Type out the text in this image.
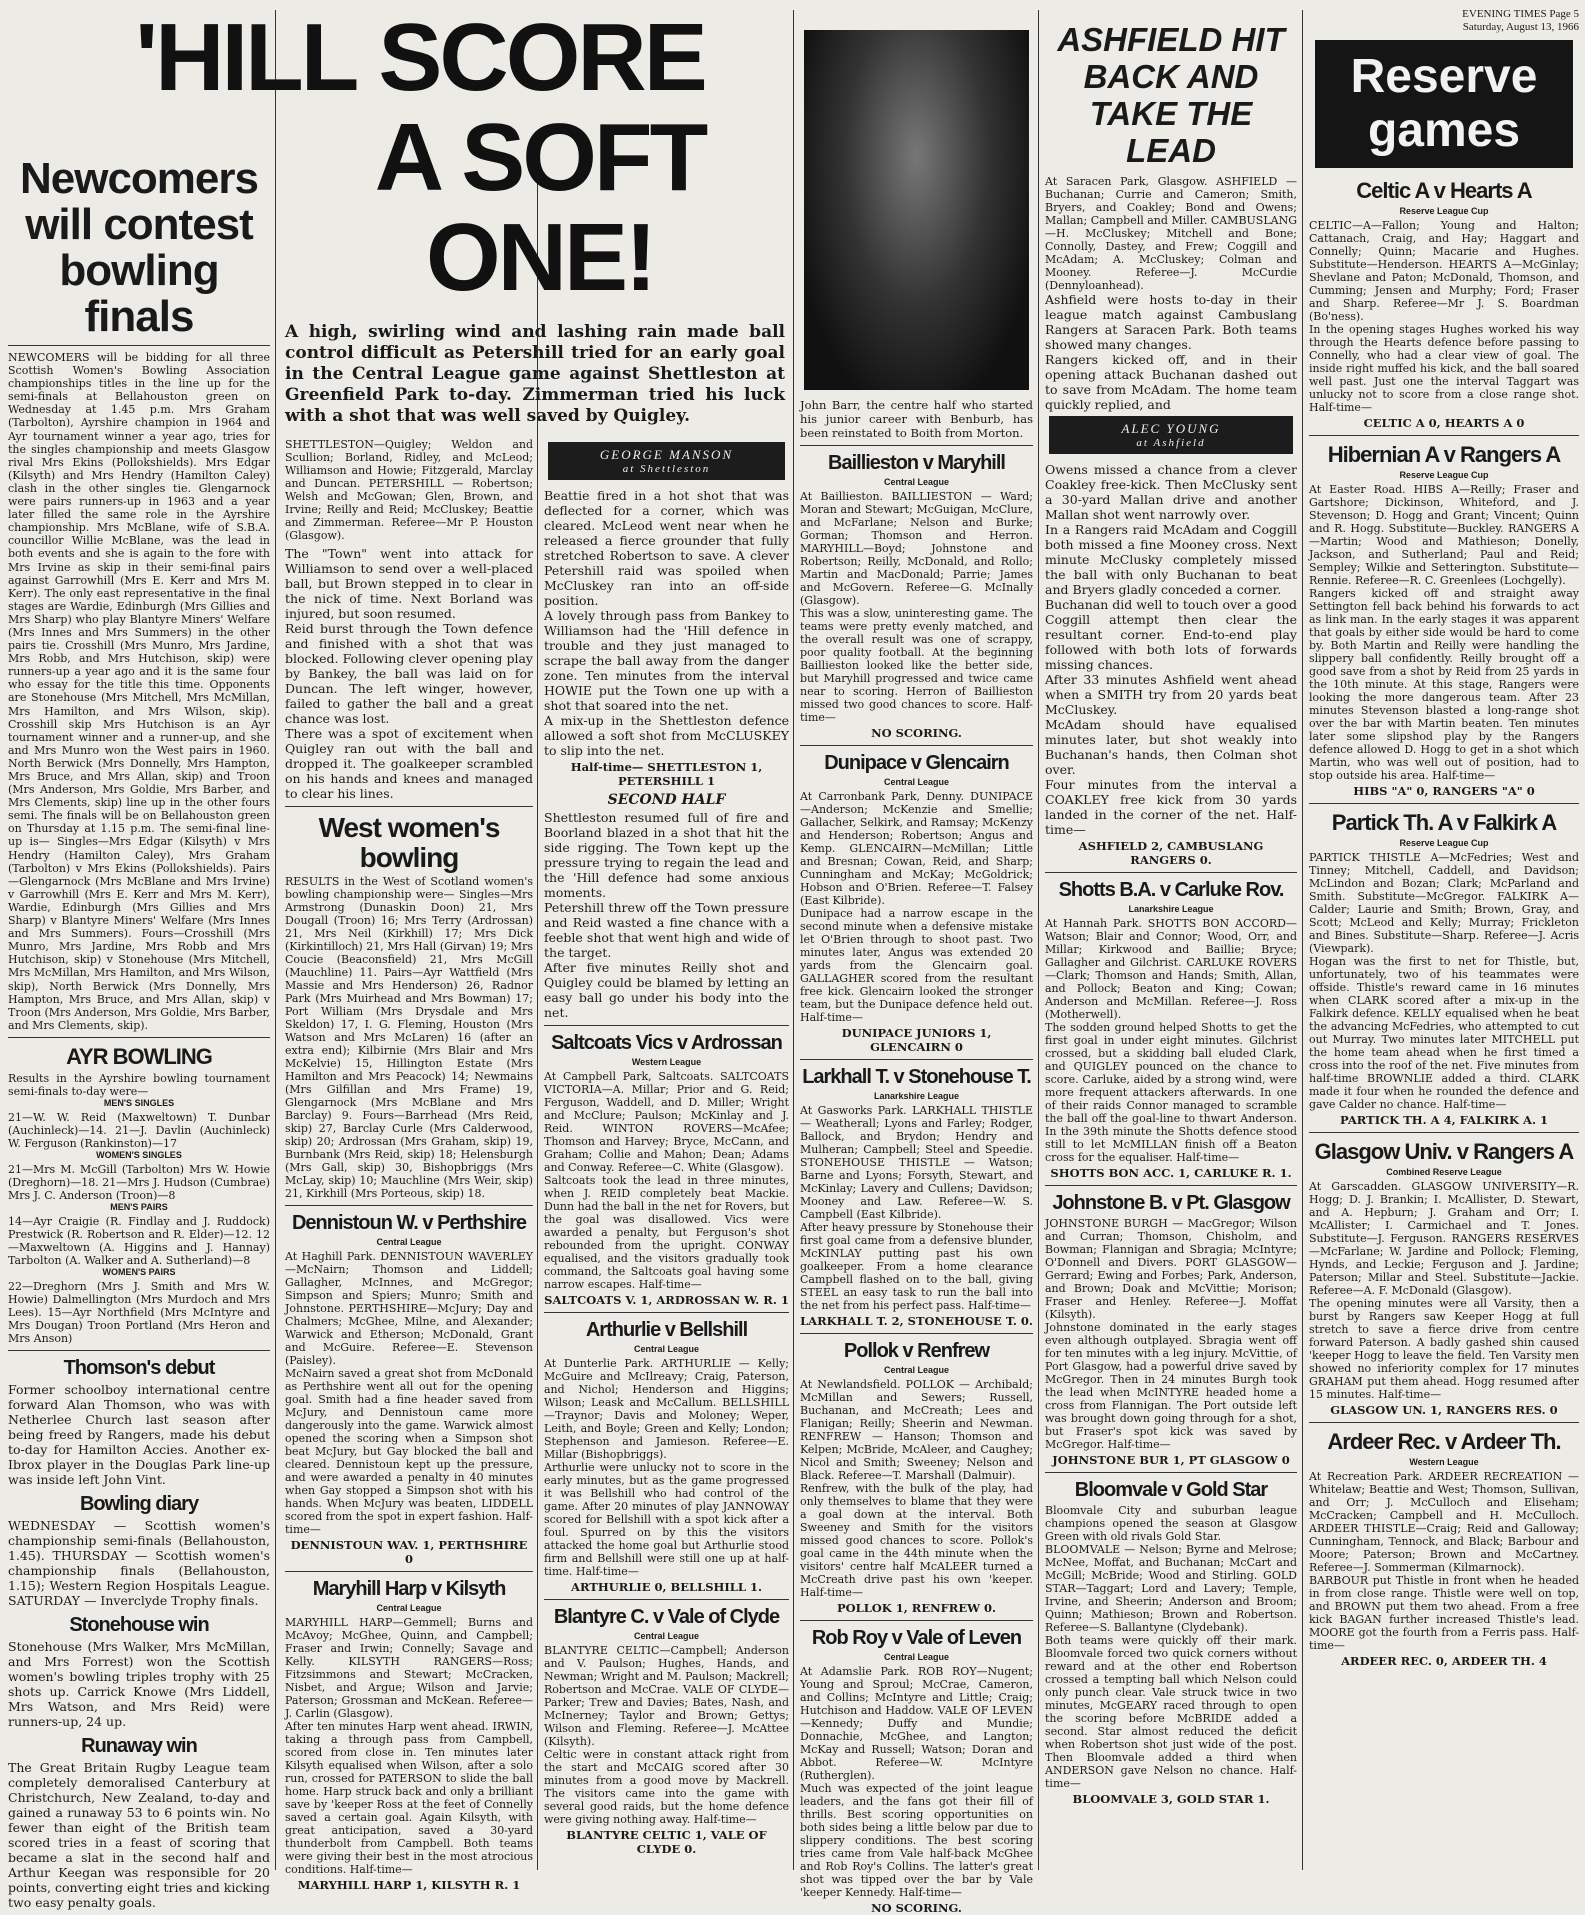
'HILL SCORE
A SOFT
ONE!
Newcomers will contest bowling finals
NEWCOMERS will be bidding for all three Scottish Women's Bowling Association championships titles in the line up for the semi-finals at Bellahouston green on Wednesday at 1.45 p.m. Mrs Graham (Tarbolton), Ayrshire champion in 1964 and Ayr tournament winner a year ago, tries for the singles championship and meets Glasgow rival Mrs Ekins (Pollokshields). Mrs Edgar (Kilsyth) and Mrs Hendry (Hamilton Caley) clash in the other singles tie. Glengarnock were pairs runners-up in 1963 and a year later filled the same role in the Ayrshire championship. Mrs McBlane, wife of S.B.A. councillor Willie McBlane, was the lead in both events and she is again to the fore with Mrs Irvine as skip in their semi-final pairs against Garrowhill (Mrs E. Kerr and Mrs M. Kerr). The only east representative in the final stages are Wardie, Edinburgh (Mrs Gillies and Mrs Sharp) who play Blantyre Miners' Welfare (Mrs Innes and Mrs Summers) in the other pairs tie. Crosshill (Mrs Munro, Mrs Jardine, Mrs Robb, and Mrs Hutchison, skip) were runners-up a year ago and it is the same four who essay for the title this time. Opponents are Stonehouse (Mrs Mitchell, Mrs McMillan, Mrs Hamilton, and Mrs Wilson, skip). Crosshill skip Mrs Hutchison is an Ayr tournament winner and a runner-up, and she and Mrs Munro won the West pairs in 1960. North Berwick (Mrs Donnelly, Mrs Hampton, Mrs Bruce, and Mrs Allan, skip) and Troon (Mrs Anderson, Mrs Goldie, Mrs Barber, and Mrs Clements, skip) line up in the other fours semi. The finals will be on Bellahouston green on Thursday at 1.15 p.m. The semi-final line-up is— Singles—Mrs Edgar (Kilsyth) v Mrs Hendry (Hamilton Caley), Mrs Graham (Tarbolton) v Mrs Ekins (Pollokshields). Pairs—Glengarnock (Mrs McBlane and Mrs Irvine) v Garrowhill (Mrs E. Kerr and Mrs M. Kerr), Wardie, Edinburgh (Mrs Gillies and Mrs Sharp) v Blantyre Miners' Welfare (Mrs Innes and Mrs Summers). Fours—Crosshill (Mrs Munro, Mrs Jardine, Mrs Robb and Mrs Hutchison, skip) v Stonehouse (Mrs Mitchell, Mrs McMillan, Mrs Hamilton, and Mrs Wilson, skip), North Berwick (Mrs Donnelly, Mrs Hampton, Mrs Bruce, and Mrs Allan, skip) v Troon (Mrs Anderson, Mrs Goldie, Mrs Barber, and Mrs Clements, skip).
AYR BOWLING
Results in the Ayrshire bowling tournament semi-finals to-day were—
MEN'S SINGLES
21—W. W. Reid (Maxweltown) T. Dunbar (Auchinleck)—14. 21—J. Davlin (Auchinleck) W. Ferguson (Rankinston)—17
WOMEN'S SINGLES
21—Mrs M. McGill (Tarbolton) Mrs W. Howie (Dreghorn)—18. 21—Mrs J. Hudson (Cumbrae) Mrs J. C. Anderson (Troon)—8
MEN'S PAIRS
14—Ayr Craigie (R. Findlay and J. Ruddock) Prestwick (R. Robertson and R. Elder)—12. 12—Maxweltown (A. Higgins and J. Hannay) Tarbolton (A. Walker and A. Sutherland)—8
WOMEN'S PAIRS
22—Dreghorn (Mrs J. Smith and Mrs W. Howie) Dalmellington (Mrs Murdoch and Mrs Lees). 15—Ayr Northfield (Mrs McIntyre and Mrs Dougan) Troon Portland (Mrs Heron and Mrs Anson)
Thomson's debut
Former schoolboy international centre forward Alan Thomson, who was with Netherlee Church last season after being freed by Rangers, made his debut to-day for Hamilton Accies. Another ex-Ibrox player in the Douglas Park line-up was inside left John Vint.
Bowling diary
WEDNESDAY — Scottish women's championship semi-finals (Bellahouston, 1.45). THURSDAY — Scottish women's championship finals (Bellahouston, 1.15); Western Region Hospitals League. SATURDAY — Inverclyde Trophy finals.
Stonehouse win
Stonehouse (Mrs Walker, Mrs McMillan, and Mrs Forrest) won the Scottish women's bowling triples trophy with 25 shots up. Carrick Knowe (Mrs Liddell, Mrs Watson, and Mrs Reid) were runners-up, 24 up.
Runaway win
The Great Britain Rugby League team completely demoralised Canterbury at Christchurch, New Zealand, to-day and gained a runaway 53 to 6 points win. No fewer than eight of the British team scored tries in a feast of scoring that became a slat in the second half and Arthur Keegan was responsible for 20 points, converting eight tries and kicking two easy penalty goals.
A high, swirling wind and lashing rain made ball control difficult as Petershill tried for an early goal in the Central League game against Shettleston at Greenfield Park to-day. Zimmerman tried his luck with a shot that was well saved by Quigley.
SHETTLESTON—Quigley; Weldon and Scullion; Borland, Ridley, and McLeod; Williamson and Howie; Fitzgerald, Marclay and Duncan. PETERSHILL — Robertson; Welsh and McGowan; Glen, Brown, and Irvine; Reilly and Reid; McCluskey; Beattie and Zimmerman. Referee—Mr P. Houston (Glasgow).
The "Town" went into attack for Williamson to send over a well-placed ball, but Brown stepped in to clear in the nick of time. Next Borland was injured, but soon resumed.
Reid burst through the Town defence and finished with a shot that was blocked. Following clever opening play by Bankey, the ball was laid on for Duncan. The left winger, however, failed to gather the ball and a great chance was lost.
There was a spot of excitement when Quigley ran out with the ball and dropped it. The goalkeeper scrambled on his hands and knees and managed to clear his lines.
West women's bowling
RESULTS in the West of Scotland women's bowling championship were— Singles—Mrs Armstrong (Dunaskin Doon) 21, Mrs Dougall (Troon) 16; Mrs Terry (Ardrossan) 21, Mrs Neil (Kirkhill) 17; Mrs Dick (Kirkintilloch) 21, Mrs Hall (Girvan) 19; Mrs Coucie (Beaconsfield) 21, Mrs McGill (Mauchline) 11. Pairs—Ayr Wattfield (Mrs Massie and Mrs Henderson) 26, Radnor Park (Mrs Muirhead and Mrs Bowman) 17; Port William (Mrs Drysdale and Mrs Skeldon) 17, I. G. Fleming, Houston (Mrs Watson and Mrs McLaren) 16 (after an extra end); Kilbirnie (Mrs Blair and Mrs McKelvie) 15, Hillington Estate (Mrs Hamilton and Mrs Peacock) 14; Newmains (Mrs Gilfillan and Mrs Frame) 19, Glengarnock (Mrs McBlane and Mrs Barclay) 9. Fours—Barrhead (Mrs Reid, skip) 27, Barclay Curle (Mrs Calderwood, skip) 20; Ardrossan (Mrs Graham, skip) 19, Burnbank (Mrs Reid, skip) 18; Helensburgh (Mrs Gall, skip) 30, Bishopbriggs (Mrs McLay, skip) 10; Mauchline (Mrs Weir, skip) 21, Kirkhill (Mrs Porteous, skip) 18.
Dennistoun W. v Perthshire
Central League
At Haghill Park. DENNISTOUN WAVERLEY—McNairn; Thomson and Liddell; Gallagher, McInnes, and McGregor; Simpson and Spiers; Munro; Smith and Johnstone. PERTHSHIRE—McJury; Day and Chalmers; McGhee, Milne, and Alexander; Warwick and Etherson; McDonald, Grant and McGuire. Referee—E. Stevenson (Paisley).
McNairn saved a great shot from McDonald as Perthshire went all out for the opening goal. Smith had a fine header saved from McJury, and Dennistoun came more dangerously into the game. Warwick almost opened the scoring when a Simpson shot beat McJury, but Gay blocked the ball and cleared. Dennistoun kept up the pressure, and were awarded a penalty in 40 minutes when Gay stopped a Simpson shot with his hands. When McJury was beaten, LIDDELL scored from the spot in expert fashion. Half-time—
DENNISTOUN WAV. 1, PERTHSHIRE 0
Maryhill Harp v Kilsyth
Central League
MARYHILL HARP—Gemmell; Burns and McAvoy; McGhee, Quinn, and Campbell; Fraser and Irwin; Connelly; Savage and Kelly. KILSYTH RANGERS—Ross; Fitzsimmons and Stewart; McCracken, Nisbet, and Argue; Wilson and Jarvie; Paterson; Grossman and McKean. Referee—J. Carlin (Glasgow).
After ten minutes Harp went ahead. IRWIN, taking a through pass from Campbell, scored from close in. Ten minutes later Kilsyth equalised when Wilson, after a solo run, crossed for PATERSON to slide the ball home. Harp struck back and only a brilliant save by 'keeper Ross at the feet of Connelly saved a certain goal. Again Kilsyth, with great anticipation, saved a 30-yard thunderbolt from Campbell. Both teams were giving their best in the most atrocious conditions. Half-time—
MARYHILL HARP 1, KILSYTH R. 1
GEORGE MANSON
at Shettleston
Beattie fired in a hot shot that was deflected for a corner, which was cleared. McLeod went near when he released a fierce grounder that fully stretched Robertson to save. A clever Petershill raid was spoiled when McCluskey ran into an off-side position.
A lovely through pass from Bankey to Williamson had the 'Hill defence in trouble and they just managed to scrape the ball away from the danger zone. Ten minutes from the interval HOWIE put the Town one up with a shot that soared into the net.
A mix-up in the Shettleston defence allowed a soft shot from McCLUSKEY to slip into the net.
Half-time— SHETTLESTON 1, PETERSHILL 1
SECOND HALF
Shettleston resumed full of fire and Boorland blazed in a shot that hit the side rigging. The Town kept up the pressure trying to regain the lead and the 'Hill defence had some anxious moments.
Petershill threw off the Town pressure and Reid wasted a fine chance with a feeble shot that went high and wide of the target.
After five minutes Reilly shot and Quigley could be blamed by letting an easy ball go under his body into the net.
Saltcoats Vics v Ardrossan
Western League
At Campbell Park, Saltcoats. SALTCOATS VICTORIA—A. Millar; Prior and G. Reid; Ferguson, Waddell, and D. Miller; Wright and McClure; Paulson; McKinlay and J. Reid. WINTON ROVERS—McAfee; Thomson and Harvey; Bryce, McCann, and Graham; Collie and Mahon; Dean; Adams and Conway. Referee—C. White (Glasgow).
Saltcoats took the lead in three minutes, when J. REID completely beat Mackie. Dunn had the ball in the net for Rovers, but the goal was disallowed. Vics were awarded a penalty, but Ferguson's shot rebounded from the upright. CONWAY equalised, and the visitors gradually took command, the Saltcoats goal having some narrow escapes. Half-time—
SALTCOATS V. 1, ARDROSSAN W. R. 1
Arthurlie v Bellshill
Central League
At Dunterlie Park. ARTHURLIE — Kelly; McGuire and McIlreavy; Craig, Paterson, and Nichol; Henderson and Higgins; Wilson; Leask and McCallum. BELLSHILL—Traynor; Davis and Moloney; Weper, Leith, and Boyle; Green and Kelly; London; Stephenson and Jamieson. Referee—E. Millar (Bishopbriggs).
Arthurlie were unlucky not to score in the early minutes, but as the game progressed it was Bellshill who had control of the game. After 20 minutes of play JANNOWAY scored for Bellshill with a spot kick after a foul. Spurred on by this the visitors attacked the home goal but Arthurlie stood firm and Bellshill were still one up at half-time. Half-time—
ARTHURLIE 0, BELLSHILL 1.
Blantyre C. v Vale of Clyde
Central League
BLANTYRE CELTIC—Campbell; Anderson and V. Paulson; Hughes, Hands, and Newman; Wright and M. Paulson; Mackrell; Robertson and McCrae. VALE OF CLYDE—Parker; Trew and Davies; Bates, Nash, and McInerney; Taylor and Brown; Gettys; Wilson and Fleming. Referee—J. McAttee (Kilsyth).
Celtic were in constant attack right from the start and McCAIG scored after 30 minutes from a good move by Mackrell. The visitors came into the game with several good raids, but the home defence were giving nothing away. Half-time—
BLANTYRE CELTIC 1, VALE OF CLYDE 0.
John Barr, the centre half who started his junior career with Benburb, has been reinstated to Boith from Morton.
Baillieston v Maryhill
Central League
At Baillieston. BAILLIESTON — Ward; Moran and Stewart; McGuigan, McClure, and McFarlane; Nelson and Burke; Gorman; Thomson and Herron. MARYHILL—Boyd; Johnstone and Robertson; Reilly, McDonald, and Rollo; Martin and MacDonald; Parrie; James and McGovern. Referee—G. McInally (Glasgow).
This was a slow, uninteresting game. The teams were pretty evenly matched, and the overall result was one of scrappy, poor quality football. At the beginning Baillieston looked like the better side, but Maryhill progressed and twice came near to scoring. Herron of Baillieston missed two good chances to score. Half-time—
NO SCORING.
Dunipace v Glencairn
Central League
At Carronbank Park, Denny. DUNIPACE—Anderson; McKenzie and Smellie; Gallacher, Selkirk, and Ramsay; McKenzy and Henderson; Robertson; Angus and Kemp. GLENCAIRN—McMillan; Little and Bresnan; Cowan, Reid, and Sharp; Cunningham and McKay; McGoldrick; Hobson and O'Brien. Referee—T. Falsey (East Kilbride).
Dunipace had a narrow escape in the second minute when a defensive mistake let O'Brien through to shoot past. Two minutes later, Angus was extended 20 yards from the Glencairn goal. GALLAGHER scored from the resultant free kick. Glencairn looked the stronger team, but the Dunipace defence held out. Half-time—
DUNIPACE JUNIORS 1, GLENCAIRN 0
Larkhall T. v Stonehouse T.
Lanarkshire League
At Gasworks Park. LARKHALL THISTLE — Weatherall; Lyons and Farley; Rodger, Ballock, and Brydon; Hendry and Mulheran; Campbell; Steel and Speedie. STONEHOUSE THISTLE — Watson; Barne and Lyons; Forsyth, Stewart, and McKinlay; Lavery and Cullens; Davidson; Mooney and Law. Referee—W. S. Campbell (East Kilbride).
After heavy pressure by Stonehouse their first goal came from a defensive blunder, McKINLAY putting past his own goalkeeper. From a home clearance Campbell flashed on to the ball, giving STEEL an easy task to run the ball into the net from his perfect pass. Half-time—
LARKHALL T. 2, STONEHOUSE T. 0.
Pollok v Renfrew
Central League
At Newlandsfield. POLLOK — Archibald; McMillan and Sewers; Russell, Buchanan, and McCreath; Lees and Flanigan; Reilly; Sheerin and Newman. RENFREW — Hanson; Thomson and Kelpen; McBride, McAleer, and Caughey; Nicol and Smith; Sweeney; Nelson and Black. Referee—T. Marshall (Dalmuir).
Renfrew, with the bulk of the play, had only themselves to blame that they were a goal down at the interval. Both Sweeney and Smith for the visitors missed good chances to score. Pollok's goal came in the 44th minute when the visitors' centre half McALEER turned a McCreath drive past his own 'keeper. Half-time—
POLLOK 1, RENFREW 0.
Rob Roy v Vale of Leven
Central League
At Adamslie Park. ROB ROY—Nugent; Young and Sproul; McCrae, Cameron, and Collins; McIntyre and Little; Craig; Hutchison and Haddow. VALE OF LEVEN—Kennedy; Duffy and Mundie; Donnachie, McGhee, and Langton; McKay and Russell; Watson; Doran and Abbot. Referee—W. McIntyre (Rutherglen).
Much was expected of the joint league leaders, and the fans got their fill of thrills. Best scoring opportunities on both sides being a little below par due to slippery conditions. The best scoring tries came from Vale half-back McGhee and Rob Roy's Collins. The latter's great shot was tipped over the bar by Vale 'keeper Kennedy. Half-time—
NO SCORING.
ASHFIELD HIT BACK AND TAKE THE LEAD
At Saracen Park, Glasgow. ASHFIELD — Buchanan; Currie and Cameron; Smith, Bryers, and Coakley; Bond and Owens; Mallan; Campbell and Miller. CAMBUSLANG—H. McCluskey; Mitchell and Bone; Connolly, Dastey, and Frew; Coggill and McAdam; A. McCluskey; Colman and Mooney. Referee—J. McCurdie (Dennyloanhead).
Ashfield were hosts to-day in their league match against Cambuslang Rangers at Saracen Park. Both teams showed many changes.
Rangers kicked off, and in their opening attack Buchanan dashed out to save from McAdam. The home team quickly replied, and
ALEC YOUNG
at Ashfield
Owens missed a chance from a clever Coakley free-kick. Then McClusky sent a 30-yard Mallan drive and another Mallan shot went narrowly over.
In a Rangers raid McAdam and Coggill both missed a fine Mooney cross. Next minute McClusky completely missed the ball with only Buchanan to beat and Bryers gladly conceded a corner.
Buchanan did well to touch over a good Coggill attempt then clear the resultant corner. End-to-end play followed with both lots of forwards missing chances.
After 33 minutes Ashfield went ahead when a SMITH try from 20 yards beat McCluskey.
McAdam should have equalised minutes later, but shot weakly into Buchanan's hands, then Colman shot over.
Four minutes from the interval a COAKLEY free kick from 30 yards landed in the corner of the net. Half-time—
ASHFIELD 2, CAMBUSLANG RANGERS 0.
Shotts B.A. v Carluke Rov.
Lanarkshire League
At Hannah Park. SHOTTS BON ACCORD—Watson; Blair and Connor; Wood, Orr, and Millar; Kirkwood and Baillie; Bryce; Gallagher and Gilchrist. CARLUKE ROVERS—Clark; Thomson and Hands; Smith, Allan, and Pollock; Beaton and King; Cowan; Anderson and McMillan. Referee—J. Ross (Motherwell).
The sodden ground helped Shotts to get the first goal in under eight minutes. Gilchrist crossed, but a skidding ball eluded Clark, and QUIGLEY pounced on the chance to score. Carluke, aided by a strong wind, were more frequent attackers afterwards. In one of their raids Connor managed to scramble the ball off the goal-line to thwart Anderson. In the 39th minute the Shotts defence stood still to let McMILLAN finish off a Beaton cross for the equaliser. Half-time—
SHOTTS BON ACC. 1, CARLUKE R. 1.
Johnstone B. v Pt. Glasgow
JOHNSTONE BURGH — MacGregor; Wilson and Curran; Thomson, Chisholm, and Bowman; Flannigan and Sbragia; McIntyre; O'Donnell and Divers. PORT GLASGOW—Gerrard; Ewing and Forbes; Park, Anderson, and Brown; Doak and McVittie; Morison; Fraser and Henley. Referee—J. Moffat (Kilsyth).
Johnstone dominated in the early stages even although outplayed. Sbragia went off for ten minutes with a leg injury. McVittie, of Port Glasgow, had a powerful drive saved by McGregor. Then in 24 minutes Burgh took the lead when McINTYRE headed home a cross from Flannigan. The Port outside left was brought down going through for a shot, but Fraser's spot kick was saved by McGregor. Half-time—
JOHNSTONE BUR 1, PT GLASGOW 0
Bloomvale v Gold Star
Bloomvale City and suburban league champions opened the season at Glasgow Green with old rivals Gold Star.
BLOOMVALE — Nelson; Byrne and Melrose; McNee, Moffat, and Buchanan; McCart and McGill; McBride; Wood and Stirling. GOLD STAR—Taggart; Lord and Lavery; Temple, Irvine, and Sheerin; Anderson and Broom; Quinn; Mathieson; Brown and Robertson. Referee—S. Ballantyne (Clydebank).
Both teams were quickly off their mark. Bloomvale forced two quick corners without reward and at the other end Robertson crossed a tempting ball which Nelson could only punch clear. Vale struck twice in two minutes, McGEARY raced through to open the scoring before McBRIDE added a second. Star almost reduced the deficit when Robertson shot just wide of the post. Then Bloomvale added a third when ANDERSON gave Nelson no chance. Half-time—
BLOOMVALE 3, GOLD STAR 1.
EVENING TIMES Page 5
Saturday, August 13, 1966
Reserve games
Celtic A v Hearts A
Reserve League Cup
CELTIC—A—Fallon; Young and Halton; Cattanach, Craig, and Hay; Haggart and Connelly; Quinn; Macarie and Hughes. Substitute—Henderson. HEARTS A—McGinlay; Shevlane and Paton; McDonald, Thomson, and Cumming; Jensen and Murphy; Ford; Fraser and Sharp. Referee—Mr J. S. Boardman (Bo'ness).
In the opening stages Hughes worked his way through the Hearts defence before passing to Connelly, who had a clear view of goal. The inside right muffed his kick, and the ball soared well past. Just one the interval Taggart was unlucky not to score from a close range shot. Half-time—
CELTIC A 0, HEARTS A 0
Hibernian A v Rangers A
Reserve League Cup
At Easter Road. HIBS A—Reilly; Fraser and Gartshore; Dickinson, Whiteford, and J. Stevenson; D. Hogg and Grant; Vincent; Quinn and R. Hogg. Substitute—Buckley. RANGERS A—Martin; Wood and Mathieson; Donelly, Jackson, and Sutherland; Paul and Reid; Sempley; Wilkie and Setterington. Substitute—Rennie. Referee—R. C. Greenlees (Lochgelly).
Rangers kicked off and straight away Settington fell back behind his forwards to act as link man. In the early stages it was apparent that goals by either side would be hard to come by. Both Martin and Reilly were handling the slippery ball confidently. Reilly brought off a good save from a shot by Reid from 25 yards in the 10th minute. At this stage, Rangers were looking the more dangerous team. After 23 minutes Stevenson blasted a long-range shot over the bar with Martin beaten. Ten minutes later some slipshod play by the Rangers defence allowed D. Hogg to get in a shot which Martin, who was well out of position, had to stop outside his area. Half-time—
HIBS "A" 0, RANGERS "A" 0
Partick Th. A v Falkirk A
Reserve League Cup
PARTICK THISTLE A—McFedries; West and Tinney; Mitchell, Caddell, and Davidson; McLindon and Bozan; Clark; McParland and Smith. Substitute—McGregor. FALKIRK A—Calder; Laurie and Smith; Brown, Gray, and Scott; McLeod and Kelly; Murray; Frickleton and Bines. Substitute—Sharp. Referee—J. Acris (Viewpark).
Hogan was the first to net for Thistle, but, unfortunately, two of his teammates were offside. Thistle's reward came in 16 minutes when CLARK scored after a mix-up in the Falkirk defence. KELLY equalised when he beat the advancing McFedries, who attempted to cut out Murray. Two minutes later MITCHELL put the home team ahead when he first timed a cross into the roof of the net. Five minutes from half-time BROWNLIE added a third. CLARK made it four when he rounded the defence and gave Calder no chance. Half-time—
PARTICK TH. A 4, FALKIRK A. 1
Glasgow Univ. v Rangers A
Combined Reserve League
At Garscadden. GLASGOW UNIVERSITY—R. Hogg; D. J. Brankin; I. McAllister, D. Stewart, and A. Hepburn; J. Graham and Orr; I. McAllister; I. Carmichael and T. Jones. Substitute—J. Ferguson. RANGERS RESERVES—McFarlane; W. Jardine and Pollock; Fleming, Hynds, and Leckie; Ferguson and J. Jardine; Paterson; Millar and Steel. Substitute—Jackie. Referee—A. F. McDonald (Glasgow).
The opening minutes were all Varsity, then a burst by Rangers saw Keeper Hogg at full stretch to save a fierce drive from centre forward Paterson. A badly gashed shin caused 'keeper Hogg to leave the field. Ten Varsity men showed no inferiority complex for 17 minutes GRAHAM put them ahead. Hogg resumed after 15 minutes. Half-time—
GLASGOW UN. 1, RANGERS RES. 0
Ardeer Rec. v Ardeer Th.
Western League
At Recreation Park. ARDEER RECREATION — Whitelaw; Beattie and West; Thomson, Sullivan, and Orr; J. McCulloch and Eliseham; McCracken; Campbell and H. McCulloch. ARDEER THISTLE—Craig; Reid and Galloway; Cunningham, Tennock, and Black; Barbour and Moore; Paterson; Brown and McCartney. Referee—J. Sommerman (Kilmarnock).
BARBOUR put Thistle in front when he headed in from close range. Thistle were well on top, and BROWN put them two ahead. From a free kick BAGAN further increased Thistle's lead. MOORE got the fourth from a Ferris pass. Half-time—
ARDEER REC. 0, ARDEER TH. 4
